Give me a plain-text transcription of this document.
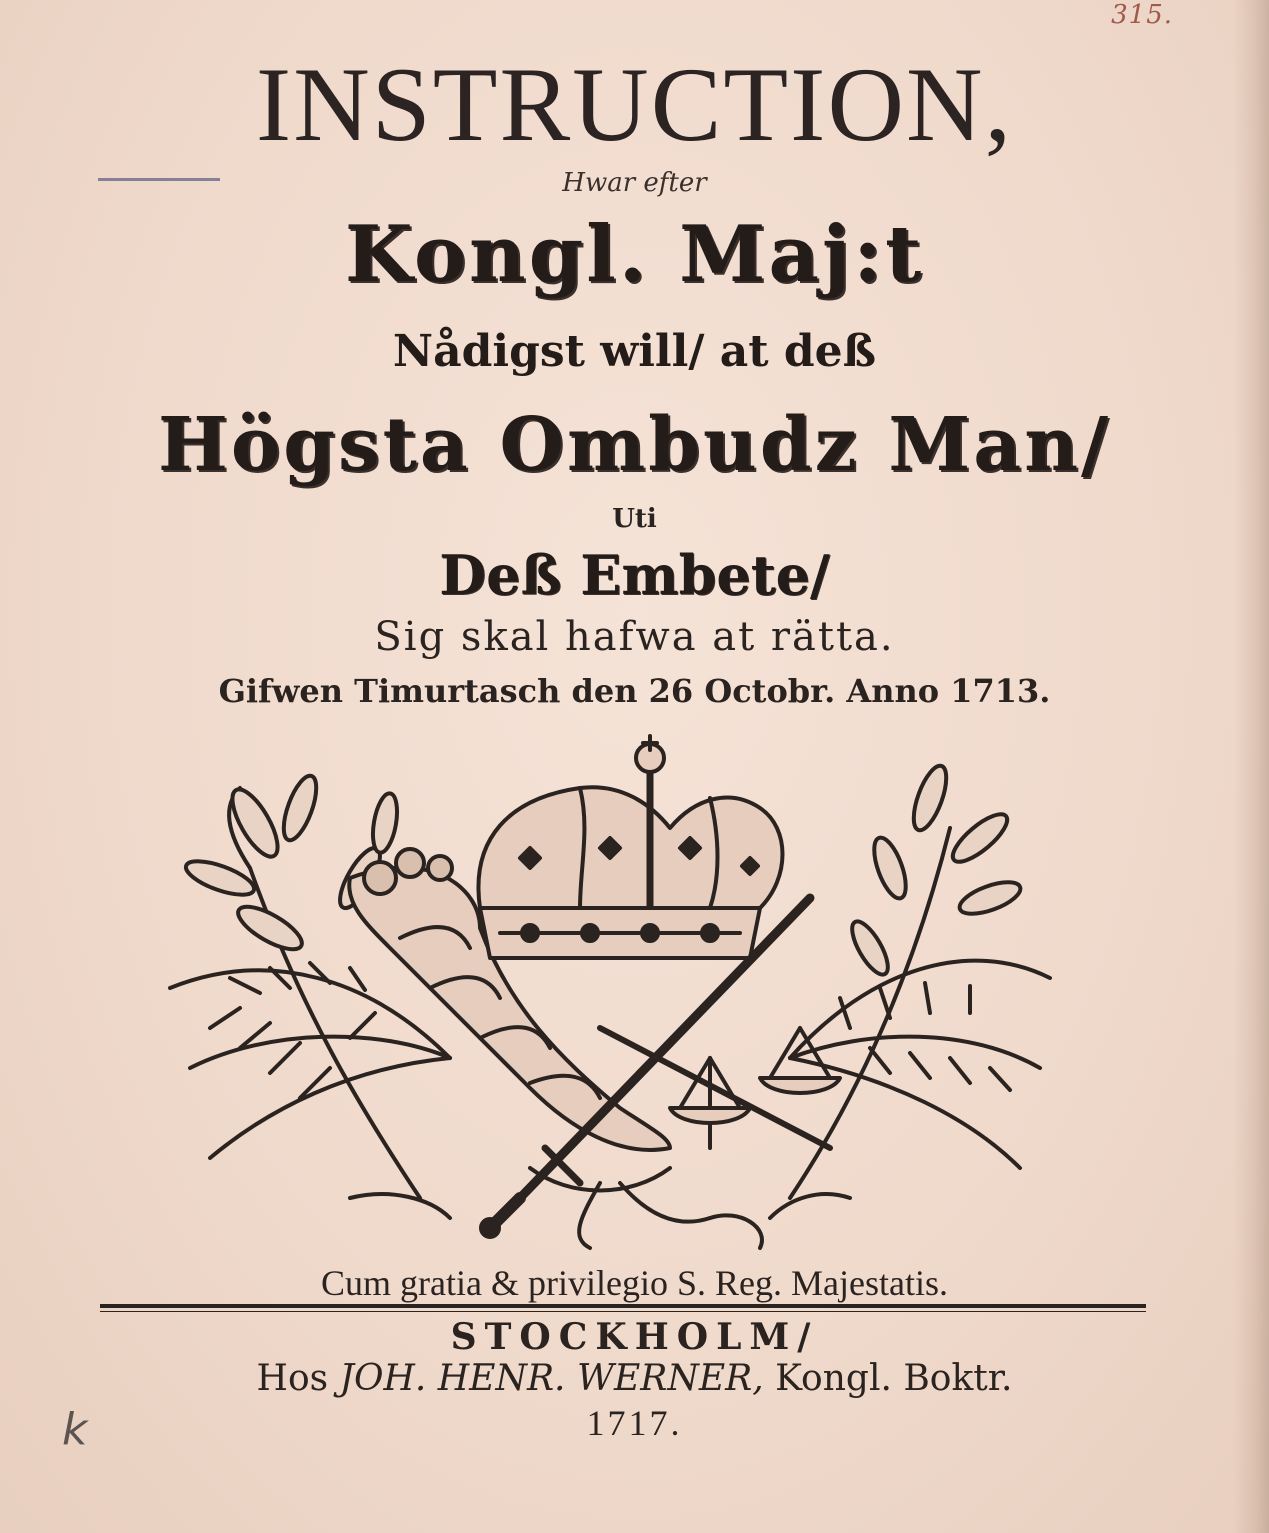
315.
INSTRUCTION,
Hwar efter
Kongl. Maj:t
Nådigst will/ at deß
Högsta Ombudz Man/
Uti
Deß Embete/
Sig skal hafwa at rätta.
Gifwen Timurtasch den 26 Octobr. Anno 1713.
Cum gratia & privilegio S. Reg. Majestatis.
STOCKHOLM/
Hos JOH. HENR. WERNER, Kongl. Boktr.
1717.
k
